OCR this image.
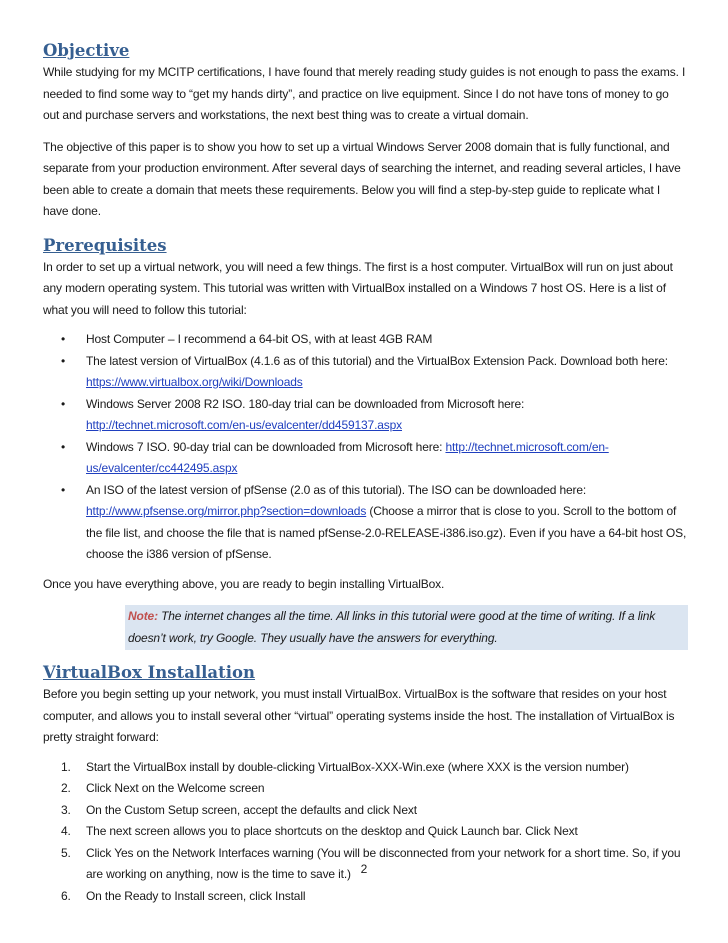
Objective

While studying for my MCITP certifications, I have found that merely reading study guides is not enough to pass the exams. I needed to find some way to “get my hands dirty”, and practice on live equipment. Since I do not have tons of money to go out and purchase servers and workstations, the next best thing was to create a virtual domain.

The objective of this paper is to show you how to set up a virtual Windows Server 2008 domain that is fully functional, and separate from your production environment. After several days of searching the internet, and reading several articles, I have been able to create a domain that meets these requirements. Below you will find a step-by-step guide to replicate what I have done.

Prerequisites

In order to set up a virtual network, you will need a few things. The first is a host computer. VirtualBox will run on just about any modern operating system. This tutorial was written with VirtualBox installed on a Windows 7 host OS. Here is a list of what you will need to follow this tutorial:

• Host Computer – I recommend a 64-bit OS, with at least 4GB RAM
• The latest version of VirtualBox (4.1.6 as of this tutorial) and the VirtualBox Extension Pack. Download both here: https://www.virtualbox.org/wiki/Downloads
• Windows Server 2008 R2 ISO. 180-day trial can be downloaded from Microsoft here: http://technet.microsoft.com/en-us/evalcenter/dd459137.aspx
• Windows 7 ISO. 90-day trial can be downloaded from Microsoft here: http://technet.microsoft.com/en-us/evalcenter/cc442495.aspx
• An ISO of the latest version of pfSense (2.0 as of this tutorial). The ISO can be downloaded here: http://www.pfsense.org/mirror.php?section=downloads (Choose a mirror that is close to you. Scroll to the bottom of the file list, and choose the file that is named pfSense-2.0-RELEASE-i386.iso.gz). Even if you have a 64-bit host OS, choose the i386 version of pfSense.

Once you have everything above, you are ready to begin installing VirtualBox.

Note: The internet changes all the time. All links in this tutorial were good at the time of writing. If a link doesn’t work, try Google. They usually have the answers for everything.
VirtualBox Installation

Before you begin setting up your network, you must install VirtualBox. VirtualBox is the software that resides on your host computer, and allows you to install several other “virtual” operating systems inside the host. The installation of VirtualBox is pretty straight forward:

1. Start the VirtualBox install by double-clicking VirtualBox-XXX-Win.exe (where XXX is the version number)
2. Click Next on the Welcome screen
3. On the Custom Setup screen, accept the defaults and click Next
4. The next screen allows you to place shortcuts on the desktop and Quick Launch bar. Click Next
5. Click Yes on the Network Interfaces warning (You will be disconnected from your network for a short time. So, if you are working on anything, now is the time to save it.)
6. On the Ready to Install screen, click Install
2
